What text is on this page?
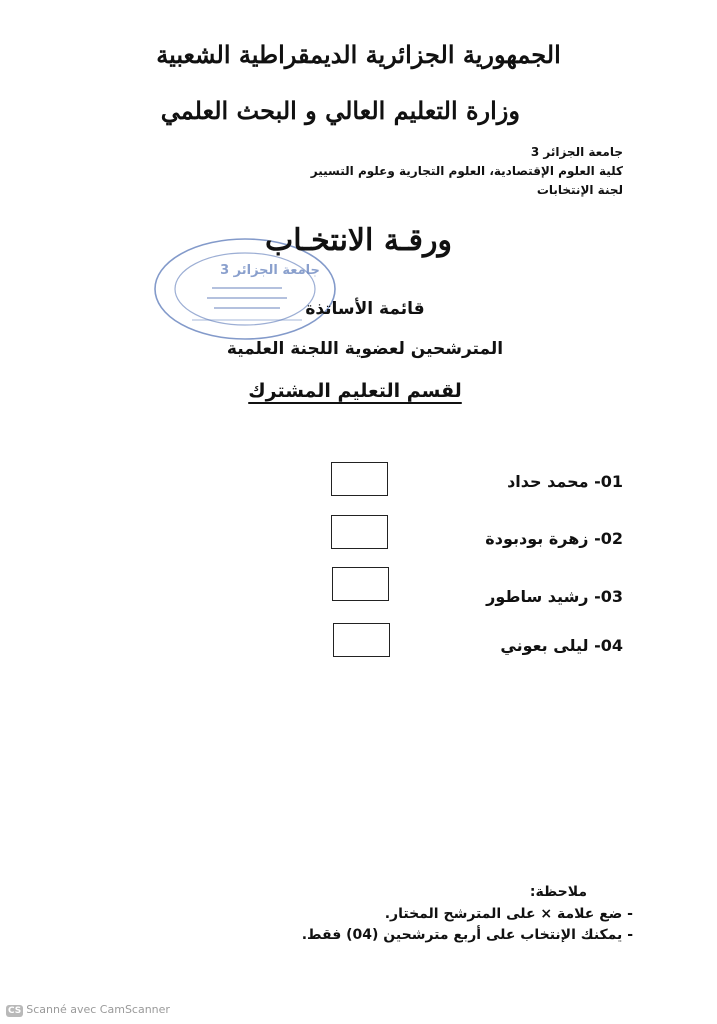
جامعة الجزائر 3
الجمهورية الجزائرية الديمقراطية الشعبية
وزارة التعليم العالي و البحث العلمي
جامعة الجزائر 3
كلية العلوم الإقتصادية، العلوم التجارية وعلوم التسيير
لجنة الإنتخابات
ورقـة الانتخـاب
قائمة الأساتذة
المترشحين لعضوية اللجنة العلمية
لقسم التعليم المشترك
01- محمد حداد
02- زهرة بودبودة
03- رشيد ساطور
04- ليلى بعوني
ملاحظة:
- ضع علامة × على المترشح المختار.
- يمكنك الإنتخاب على أربع مترشحين (04) فقط.
CS Scanné avec CamScanner
